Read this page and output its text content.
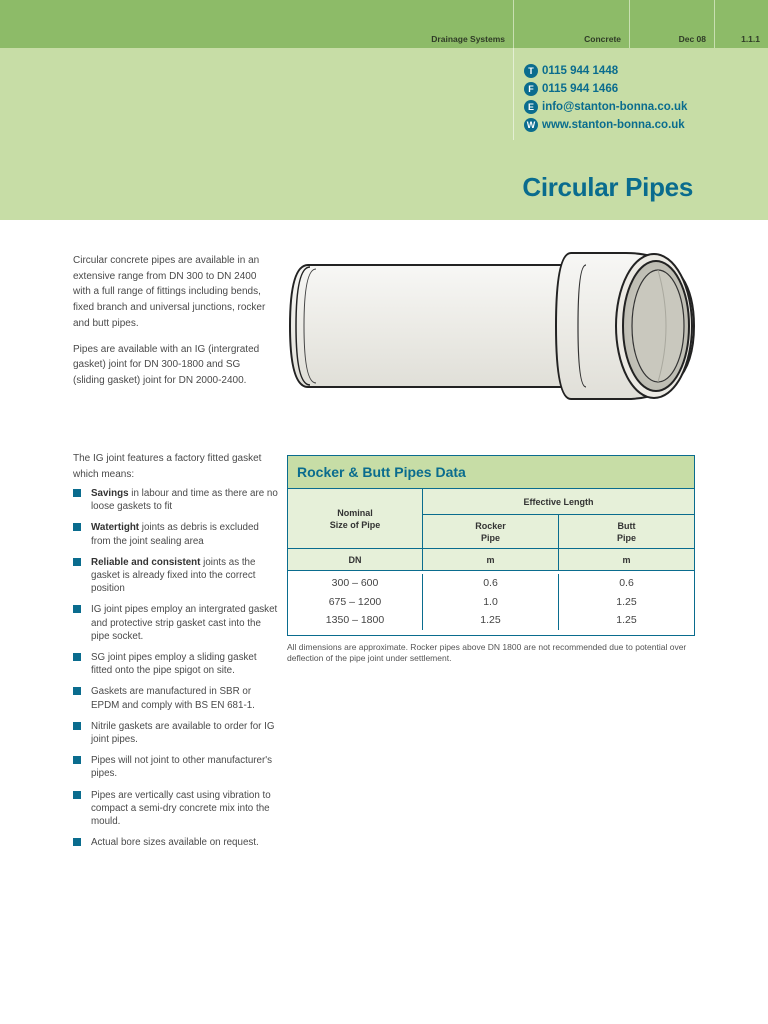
Drainage Systems	Concrete	Dec 08	1.1.1
T 0115 944 1448
F 0115 944 1466
E info@stanton-bonna.co.uk
W www.stanton-bonna.co.uk
Circular Pipes

Circular concrete pipes are available in an extensive range from DN 300 to DN 2400 with a full range of fittings including bends, fixed branch and universal junctions, rocker and butt pipes.

Pipes are available with an IG (intergrated gasket) joint for DN 300-1800 and SG (sliding gasket) joint for DN 2000-2400.

The IG joint features a factory fitted gasket which means:

Savings in labour and time as there are no loose gaskets to fit
Watertight joints as debris is excluded from the joint sealing area
Reliable and consistent joints as the gasket is already fixed into the correct position
IG joint pipes employ an intergrated gasket and protective strip gasket cast into the pipe socket.
SG joint pipes employ a sliding gasket fitted onto the pipe spigot on site.
Gaskets are manufactured in SBR or EPDM and comply with BS EN 681-1.
Nitrile gaskets are available to order for IG joint pipes.
Pipes will not joint to other manufacturer's pipes.
Pipes are vertically cast using vibration to compact a semi-dry concrete mix into the mould.
Actual bore sizes available on request.
Rocker & Butt Pipes Data
Nominal
Size of Pipe
Effective Length
Rocker
Pipe
Butt
Pipe
DN	m	m
300 – 600	0.6	0.6
675 – 1200	1.0	1.25
1350 – 1800	1.25	1.25
All dimensions are approximate. Rocker pipes above DN 1800 are not recommended due to potential over deflection of the pipe joint under settlement.
